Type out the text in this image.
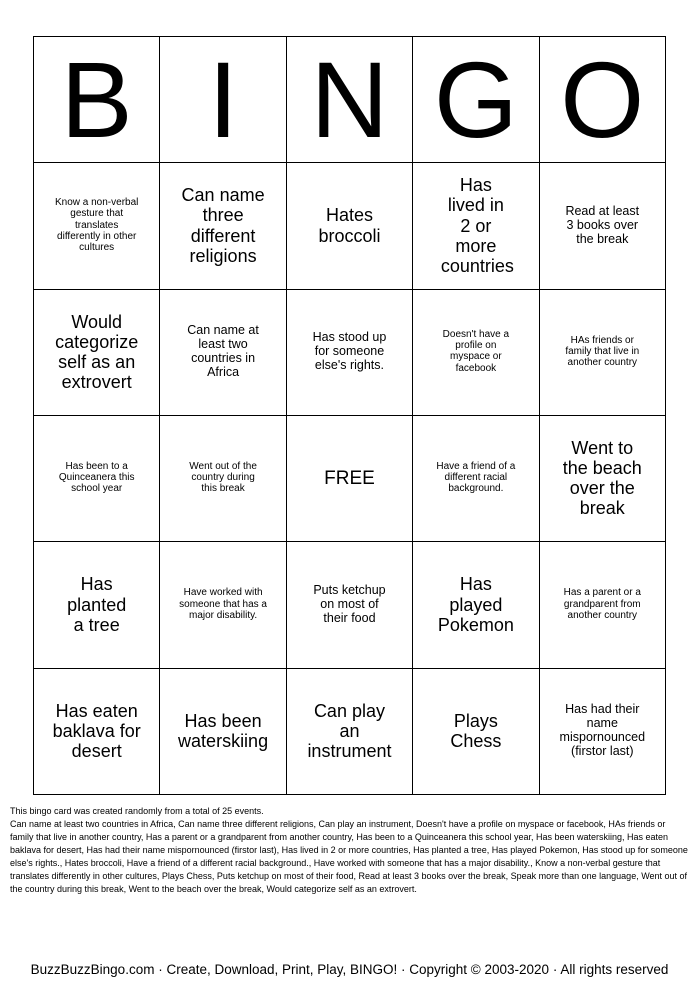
B	I	N	G	O
Know a non-verbal gesture that translates differently in other cultures	Can name three different religions	Hates broccoli	Has lived in 2 or more countries	Read at least 3 books over the break
Would categorize self as an extrovert	Can name at least two countries in Africa	Has stood up for someone else's rights.	Doesn't have a profile on myspace or facebook	HAs friends or family that live in another country
Has been to a Quinceanera this school year	Went out of the country during this break	FREE	Have a friend of a different racial background.	Went to the beach over the break
Has planted a tree	Have worked with someone that has a major disability.	Puts ketchup on most of their food	Has played Pokemon	Has a parent or a grandparent from another country
Has eaten baklava for desert	Has been waterskiing	Can play an instrument	Plays Chess	Has had their name mispornounced (firstor last)
This bingo card was created randomly from a total of 25 events.
Can name at least two countries in Africa, Can name three different religions, Can play an instrument, Doesn't have a profile on myspace or facebook, HAs friends or family that live in another country, Has a parent or a grandparent from another country, Has been to a Quinceanera this school year, Has been waterskiing, Has eaten baklava for desert, Has had their name mispornounced (firstor last), Has lived in 2 or more countries, Has planted a tree, Has played Pokemon, Has stood up for someone else's rights., Hates broccoli, Have a friend of a different racial background., Have worked with someone that has a major disability., Know a non-verbal gesture that translates differently in other cultures, Plays Chess, Puts ketchup on most of their food, Read at least 3 books over the break, Speak more than one language, Went out of the country during this break, Went to the beach over the break, Would categorize self as an extrovert.
BuzzBuzzBingo.com · Create, Download, Print, Play, BINGO! · Copyright © 2003-2020 · All rights reserved
